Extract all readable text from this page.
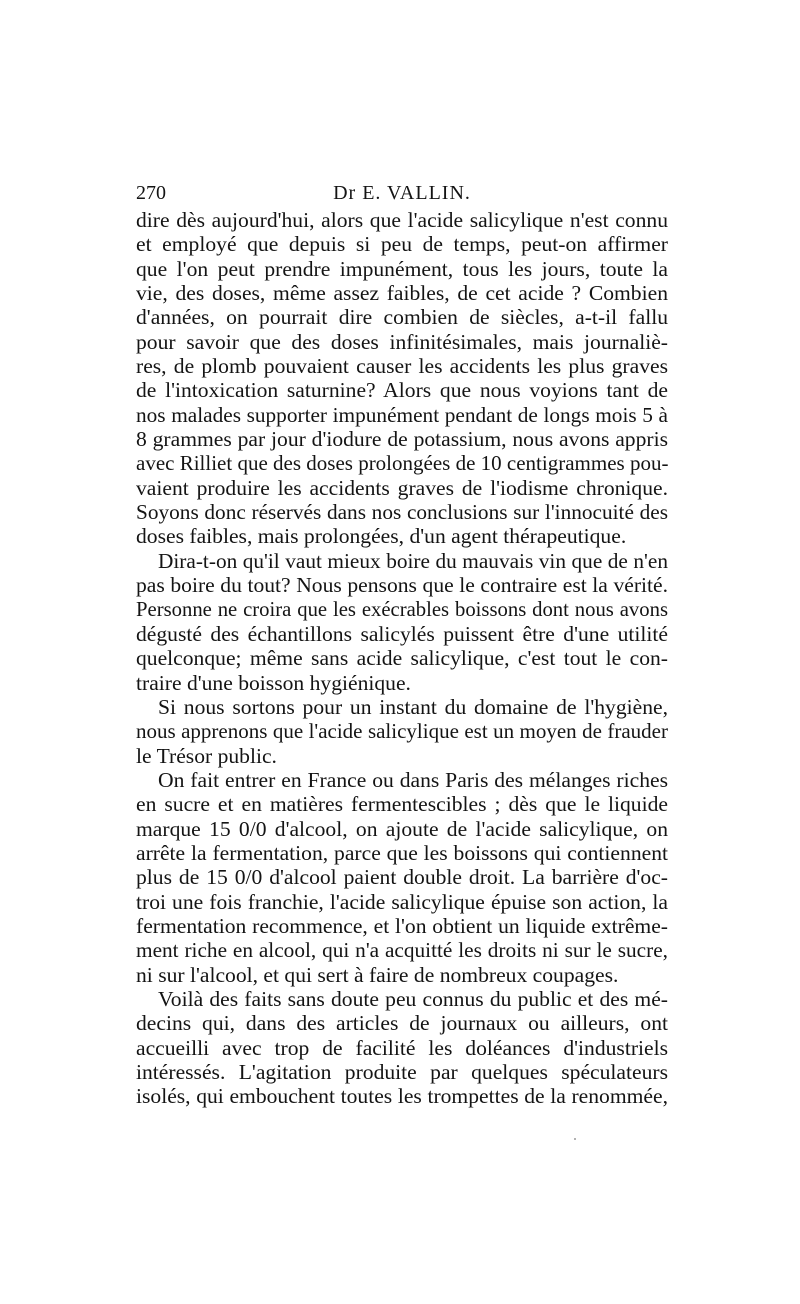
270	Dr E. VALLIN.
dire dès aujourd'hui, alors que l'acide salicylique n'est connu
et employé que depuis si peu de temps, peut-on affirmer
que l'on peut prendre impunément, tous les jours, toute la
vie, des doses, même assez faibles, de cet acide ? Combien
d'années, on pourrait dire combien de siècles, a-t-il fallu
pour savoir que des doses infinitésimales, mais journaliè-
res, de plomb pouvaient causer les accidents les plus graves
de l'intoxication saturnine? Alors que nous voyions tant de
nos malades supporter impunément pendant de longs mois 5 à
8 grammes par jour d'iodure de potassium, nous avons appris
avec Rilliet que des doses prolongées de 10 centigrammes pou-
vaient produire les accidents graves de l'iodisme chronique.
Soyons donc réservés dans nos conclusions sur l'innocuité des
doses faibles, mais prolongées, d'un agent thérapeutique.
Dira-t-on qu'il vaut mieux boire du mauvais vin que de n'en
pas boire du tout? Nous pensons que le contraire est la vérité.
Personne ne croira que les exécrables boissons dont nous avons
dégusté des échantillons salicylés puissent être d'une utilité
quelconque; même sans acide salicylique, c'est tout le con-
traire d'une boisson hygiénique.
Si nous sortons pour un instant du domaine de l'hygiène,
nous apprenons que l'acide salicylique est un moyen de frauder
le Trésor public.
On fait entrer en France ou dans Paris des mélanges riches
en sucre et en matières fermentescibles ; dès que le liquide
marque 15 0/0 d'alcool, on ajoute de l'acide salicylique, on
arrête la fermentation, parce que les boissons qui contiennent
plus de 15 0/0 d'alcool paient double droit. La barrière d'oc-
troi une fois franchie, l'acide salicylique épuise son action, la
fermentation recommence, et l'on obtient un liquide extrême-
ment riche en alcool, qui n'a acquitté les droits ni sur le sucre,
ni sur l'alcool, et qui sert à faire de nombreux coupages.
Voilà des faits sans doute peu connus du public et des mé-
decins qui, dans des articles de journaux ou ailleurs, ont
accueilli avec trop de facilité les doléances d'industriels
intéressés. L'agitation produite par quelques spéculateurs
isolés, qui embouchent toutes les trompettes de la renommée,
